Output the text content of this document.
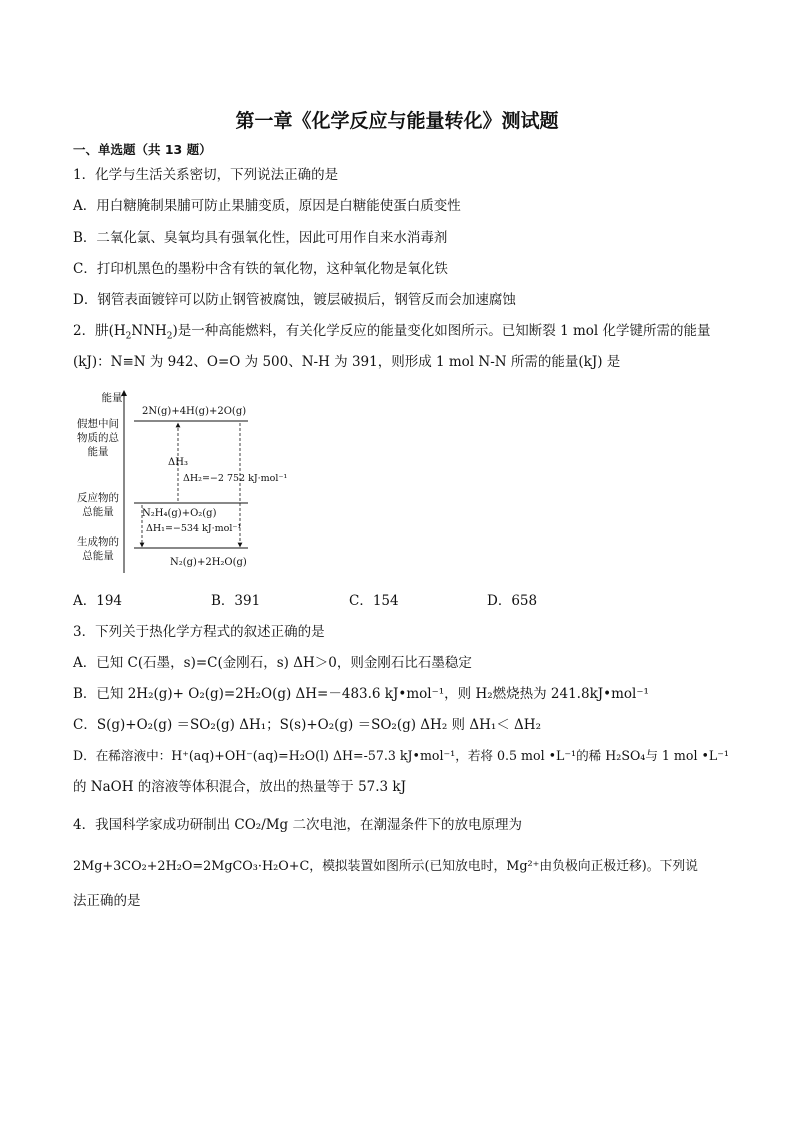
第一章《化学反应与能量转化》测试题
一、单选题（共 13 题）
1．化学与生活关系密切，下列说法正确的是
A．用白糖腌制果脯可防止果脯变质，原因是白糖能使蛋白质变性
B．二氧化氯、臭氧均具有强氧化性，因此可用作自来水消毒剂
C．打印机黑色的墨粉中含有铁的氧化物，这种氧化物是氧化铁
D．钢管表面镀锌可以防止钢管被腐蚀，镀层破损后，钢管反而会加速腐蚀
2．肼$(H_2NNH_2)$是一种高能燃料，有关化学反应的能量变化如图所示。已知断裂 1 mol 化学键所需的能量
(kJ)：N≡N 为 942、O=O 为 500、N-H 为 391，则形成 1 mol N-N 所需的能量(kJ) 是
能量
假想中间
物质的总
能量
反应物的
总能量
生成物的
总能量
2N(g)+4H(g)+2O(g)
N₂H₄(g)+O₂(g)
N₂(g)+2H₂O(g)
ΔH₃
ΔH₂=−2 752 kJ·mol⁻¹
ΔH₁=−534 kJ·mol⁻¹
A．194	B．391	C．154	D．658
3．下列关于热化学方程式的叙述正确的是
A．已知 C(石墨，s)=C(金刚石，s) ΔH＞0，则金刚石比石墨稳定
B．已知 2H₂(g)+ O₂(g)=2H₂O(g) ΔH=－483.6 kJ•mol⁻¹，则 H₂燃烧热为 241.8kJ•mol⁻¹
C．S(g)+O₂(g) ＝SO₂(g) ΔH₁；S(s)+O₂(g) ＝SO₂(g) ΔH₂ 则 ΔH₁＜ ΔH₂
D．在稀溶液中：H⁺(aq)+OH⁻(aq)=H₂O(l) ΔH=-57.3 kJ•mol⁻¹，若将 0.5 mol •L⁻¹的稀 H₂SO₄与 1 mol •L⁻¹
的 NaOH 的溶液等体积混合，放出的热量等于 57.3 kJ
4．我国科学家成功研制出 CO₂/Mg 二次电池，在潮湿条件下的放电原理为
2Mg+3CO₂+2H₂O=2MgCO₃·H₂O+C，模拟装置如图所示(已知放电时，Mg²⁺由负极向正极迁移)。下列说
法正确的是
